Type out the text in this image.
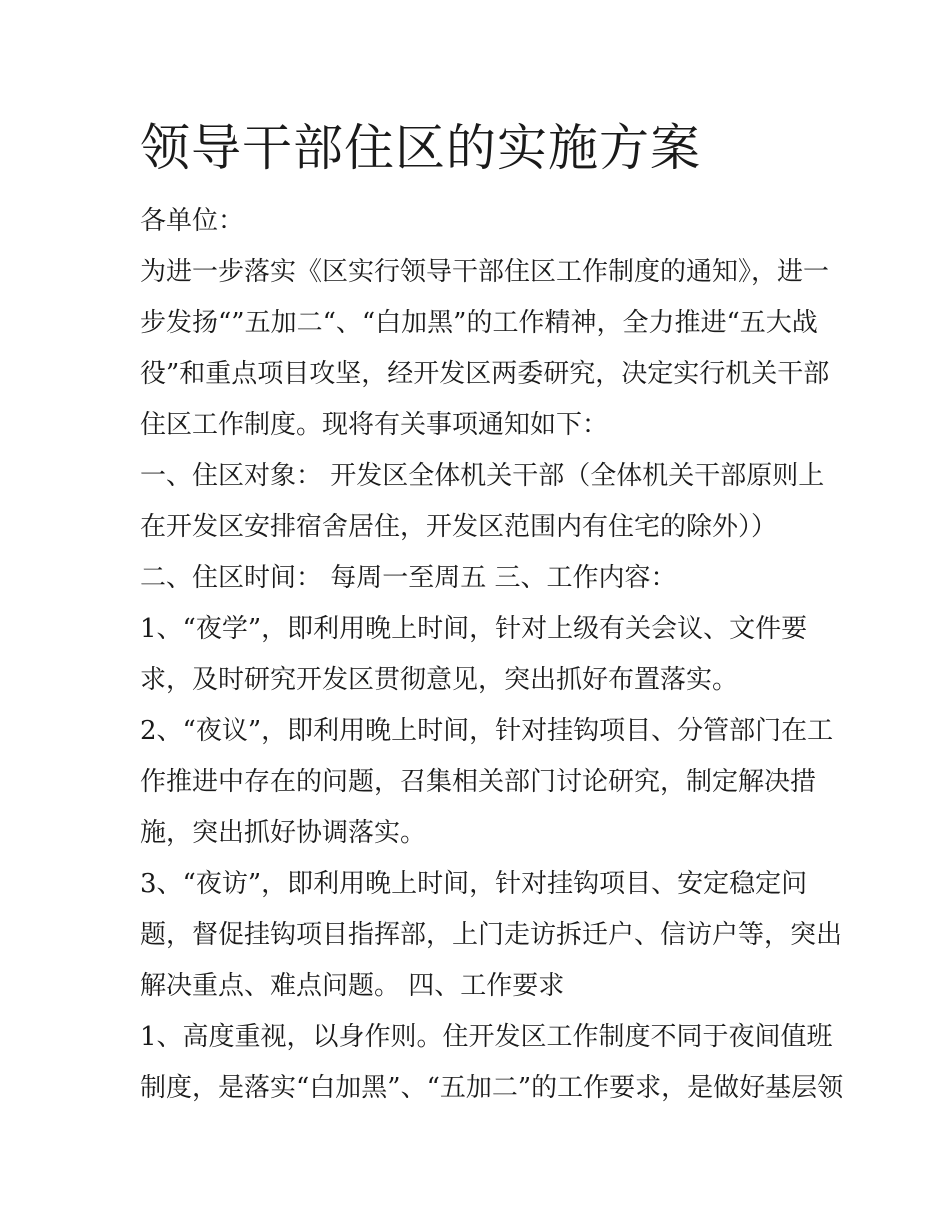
领导干部住区的实施方案

各单位：

为进一步落实《区实行领导干部住区工作制度的通知》，进一

步发扬“”五加二“、“白加黑”的工作精神，全力推进“五大战

役”和重点项目攻坚，经开发区两委研究，决定实行机关干部

住区工作制度。现将有关事项通知如下：

一、住区对象： 开发区全体机关干部（全体机关干部原则上

在开发区安排宿舍居住，开发区范围内有住宅的除外））

二、住区时间： 每周一至周五 三、工作内容：

1、“夜学”，即利用晚上时间，针对上级有关会议、文件要

求，及时研究开发区贯彻意见，突出抓好布置落实。

2、“夜议”，即利用晚上时间，针对挂钩项目、分管部门在工

作推进中存在的问题，召集相关部门讨论研究，制定解决措

施，突出抓好协调落实。

3、“夜访”，即利用晚上时间，针对挂钩项目、安定稳定问

题，督促挂钩项目指挥部，上门走访拆迁户、信访户等，突出

解决重点、难点问题。 四、工作要求

1、高度重视，以身作则。住开发区工作制度不同于夜间值班

制度，是落实“白加黑”、“五加二”的工作要求，是做好基层领
